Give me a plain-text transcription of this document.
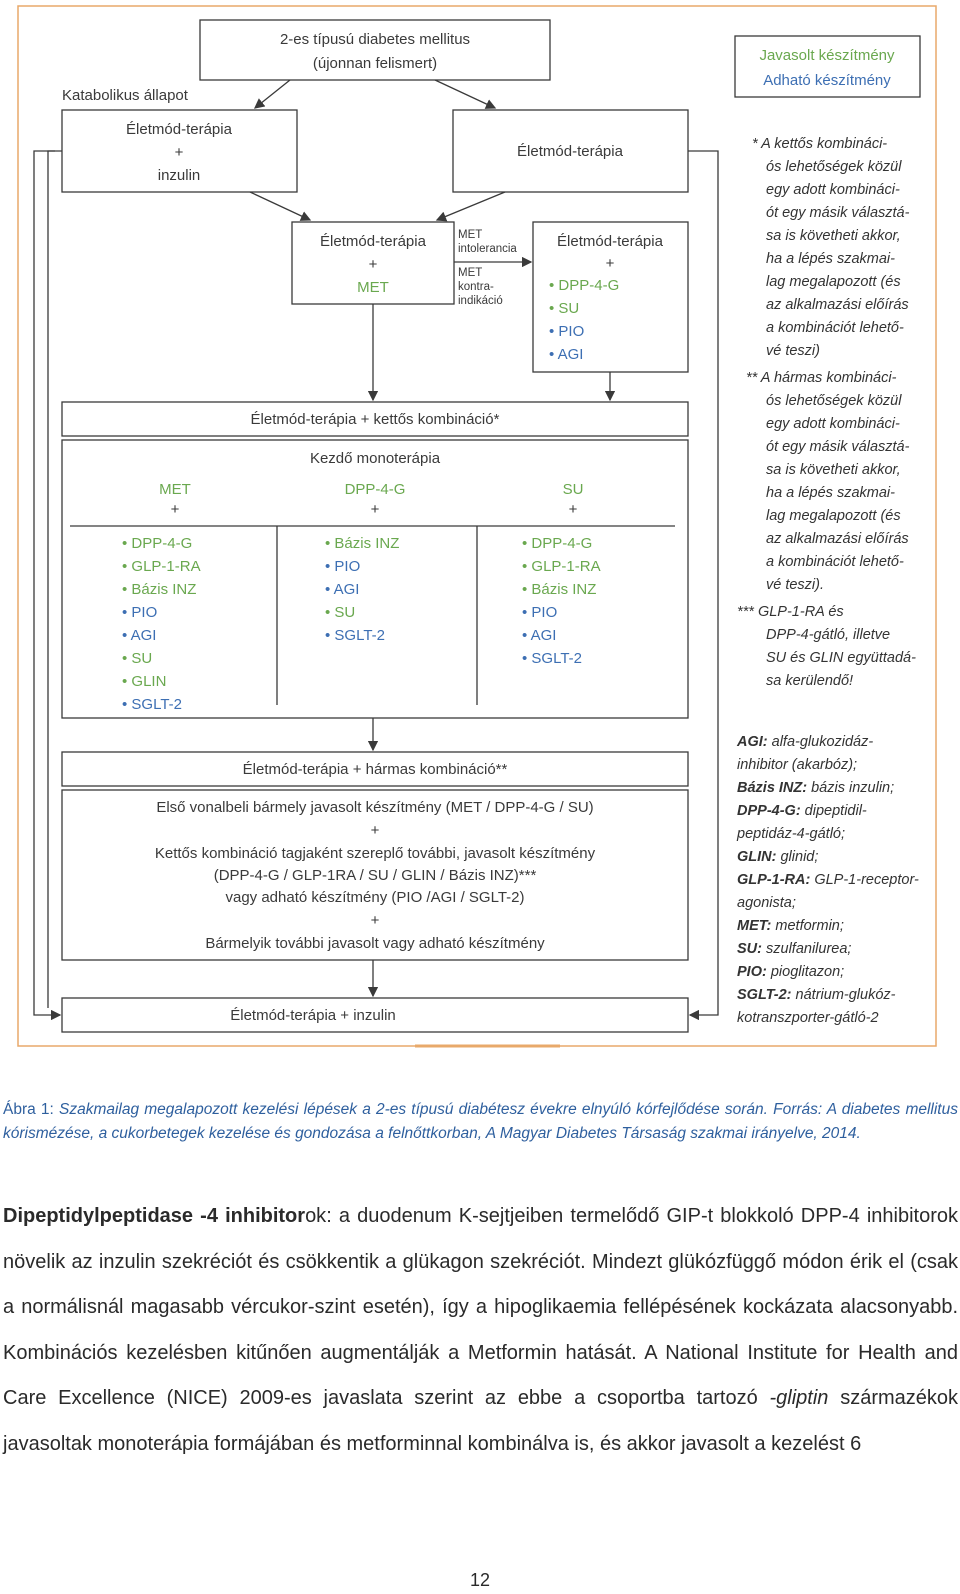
2-es típusú diabetes mellitus
(újonnan felismert)	Javasolt készítmény
Adható készítmény
Katabolikus állapot
Életmód-terápia
+
inzulin
Életmód-terápia
Életmód-terápia
+
MET
MET
intolerancia
MET
kontra-
indikáció
Életmód-terápia
+
• DPP-4-G
• SU
• PIO
• AGI
Életmód-terápia + kettős kombináció*
Kezdő monoterápia
MET
+
• DPP-4-G
• GLP-1-RA
• Bázis INZ
• PIO
• AGI
• SU
• GLIN
• SGLT-2
DPP-4-G
+
• Bázis INZ
• PIO
• AGI
• SU
• SGLT-2
SU
+
• DPP-4-G
• GLP-1-RA
• Bázis INZ
• PIO
• AGI
• SGLT-2
Életmód-terápia + hármas kombináció**
Első vonalbeli bármely javasolt készítmény (MET / DPP-4-G / SU)
+
Kettős kombináció tagjaként szereplő további, javasolt készítmény
(DPP-4-G / GLP-1RA / SU / GLIN / Bázis INZ)***
vagy adható készítmény (PIO /AGI / SGLT-2)
+
Bármelyik további javasolt vagy adható készítmény
Életmód-terápia + inzulin
* A kettős kombináci-
ós lehetőségek közül
egy adott kombináci-
ót egy másik választá-
sa is követheti akkor,
ha a lépés szakmai-
lag megalapozott (és
az alkalmazási előírás
a kombinációt lehető-
vé teszi)
** A hármas kombináci-
ós lehetőségek közül
egy adott kombináci-
ót egy másik választá-
sa is követheti akkor,
ha a lépés szakmai-
lag megalapozott (és
az alkalmazási előírás
a kombinációt lehető-
vé teszi).
*** GLP-1-RA és
DPP-4-gátló, illetve
SU és GLIN együttadá-
sa kerülendő!
AGI: alfa-glukozidáz-
inhibitor (akarbóz);
Bázis INZ: bázis inzulin;
DPP-4-G: dipeptidil-
peptidáz-4-gátló;
GLIN: glinid;
GLP-1-RA: GLP-1-receptor-
agonista;
MET: metformin;
SU: szulfanilurea;
PIO: pioglitazon;
SGLT-2: nátrium-glukóz-
kotranszporter-gátló-2
Ábra 1: Szakmailag megalapozott kezelési lépések a 2-es típusú diabétesz évekre elnyúló kórfejlődése során. Forrás: A diabetes mellitus kórismézése, a cukorbetegek kezelése és gondozása a felnőttkorban, A Magyar Diabetes Társaság szakmai irányelve, 2014.
Dipeptidylpeptidase -4 inhibitorok: a duodenum K-sejtjeiben termelődő GIP-t blokkoló DPP-4 inhibitorok növelik az inzulin szekréciót és csökkentik a glükagon szekréciót. Mindezt glükózfüggő módon érik el (csak a normálisnál magasabb vércukor-szint esetén), így a hipoglikaemia fellépésének kockázata alacsonyabb. Kombinációs kezelésben kitűnően augmentálják a Metformin hatását. A National Institute for Health and Care Excellence (NICE) 2009-es javaslata szerint az ebbe a csoportba tartozó -gliptin származékok javasoltak monoterápia formájában és metforminnal kombinálva is, és akkor javasolt a kezelést 6
12
